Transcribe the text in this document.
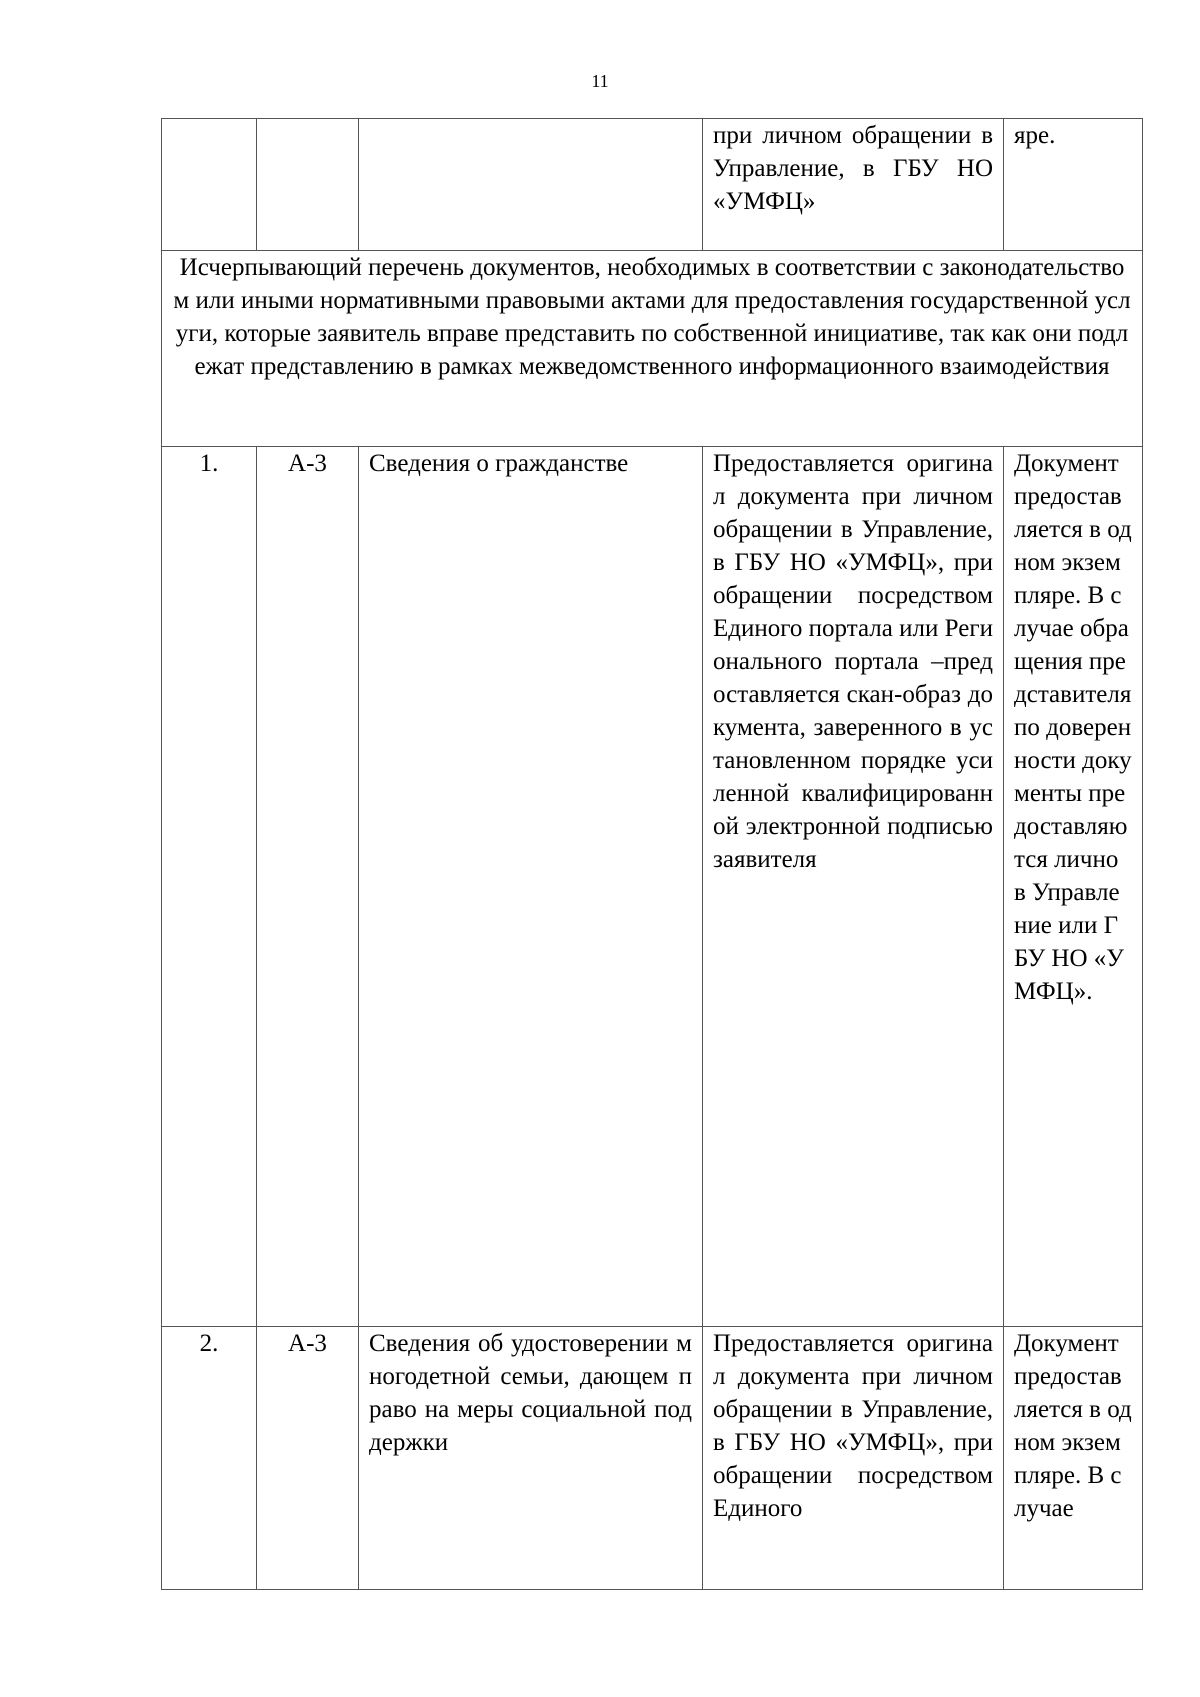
11
			при личном обращении в Управление, в ГБУ НО «УМФЦ»	яре.
Исчерпывающий перечень документов, необходимых в соответствии с законодательством или иными нормативными правовыми актами для предоставления государственной услуги, которые заявитель вправе представить по собственной инициативе, так как они подлежат представлению в рамках межведомственного информационного взаимодействия				
1.	А-3	Сведения о гражданстве	Предоставляется оригинал документа при личном обращении в Управление, в ГБУ НО «УМФЦ», при обращении посредством Единого портала или Регионального портала –предоставляется скан-образ документа, заверенного в установленном порядке усиленной квалифицированной электронной подписью заявителя	Документ предоставляется в одном экземпляре. В случае обращения представителя по доверенности документы предоставляются лично в Управление или ГБУ НО «УМФЦ».
2.	А-3	Сведения об удостоверении многодетной семьи, дающем право на меры социальной поддержки	Предоставляется оригинал документа при личном обращении в Управление, в ГБУ НО «УМФЦ», при обращении посредством Единого	Документ предоставляется в одном экземпляре. В случае
